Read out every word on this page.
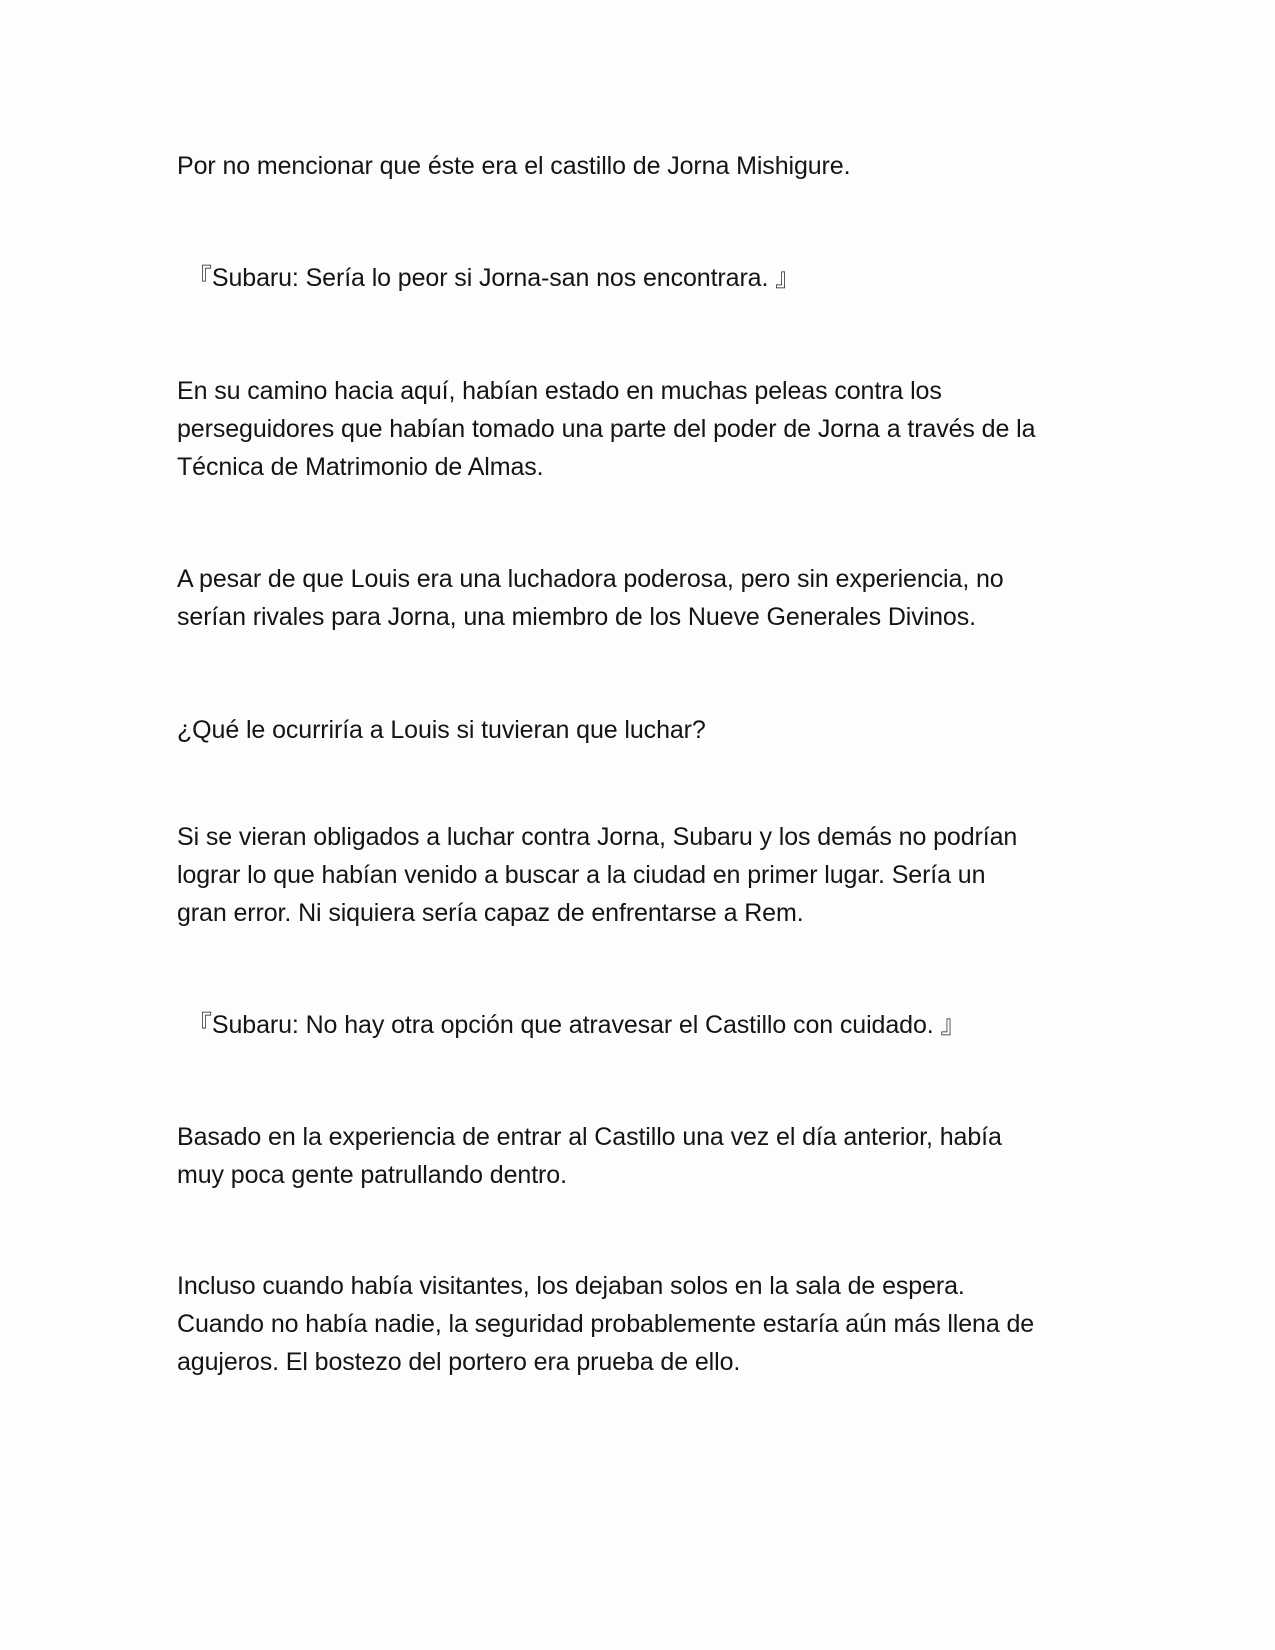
Por no mencionar que éste era el castillo de Jorna Mishigure.

『Subaru: Sería lo peor si Jorna-san nos encontrara. 』

En su camino hacia aquí, habían estado en muchas peleas contra los
perseguidores que habían tomado una parte del poder de Jorna a través de la
Técnica de Matrimonio de Almas.

A pesar de que Louis era una luchadora poderosa, pero sin experiencia, no
serían rivales para Jorna, una miembro de los Nueve Generales Divinos.

¿Qué le ocurriría a Louis si tuvieran que luchar?

Si se vieran obligados a luchar contra Jorna, Subaru y los demás no podrían
lograr lo que habían venido a buscar a la ciudad en primer lugar. Sería un
gran error. Ni siquiera sería capaz de enfrentarse a Rem.

『Subaru: No hay otra opción que atravesar el Castillo con cuidado. 』

Basado en la experiencia de entrar al Castillo una vez el día anterior, había
muy poca gente patrullando dentro.

Incluso cuando había visitantes, los dejaban solos en la sala de espera.
Cuando no había nadie, la seguridad probablemente estaría aún más llena de
agujeros. El bostezo del portero era prueba de ello.
